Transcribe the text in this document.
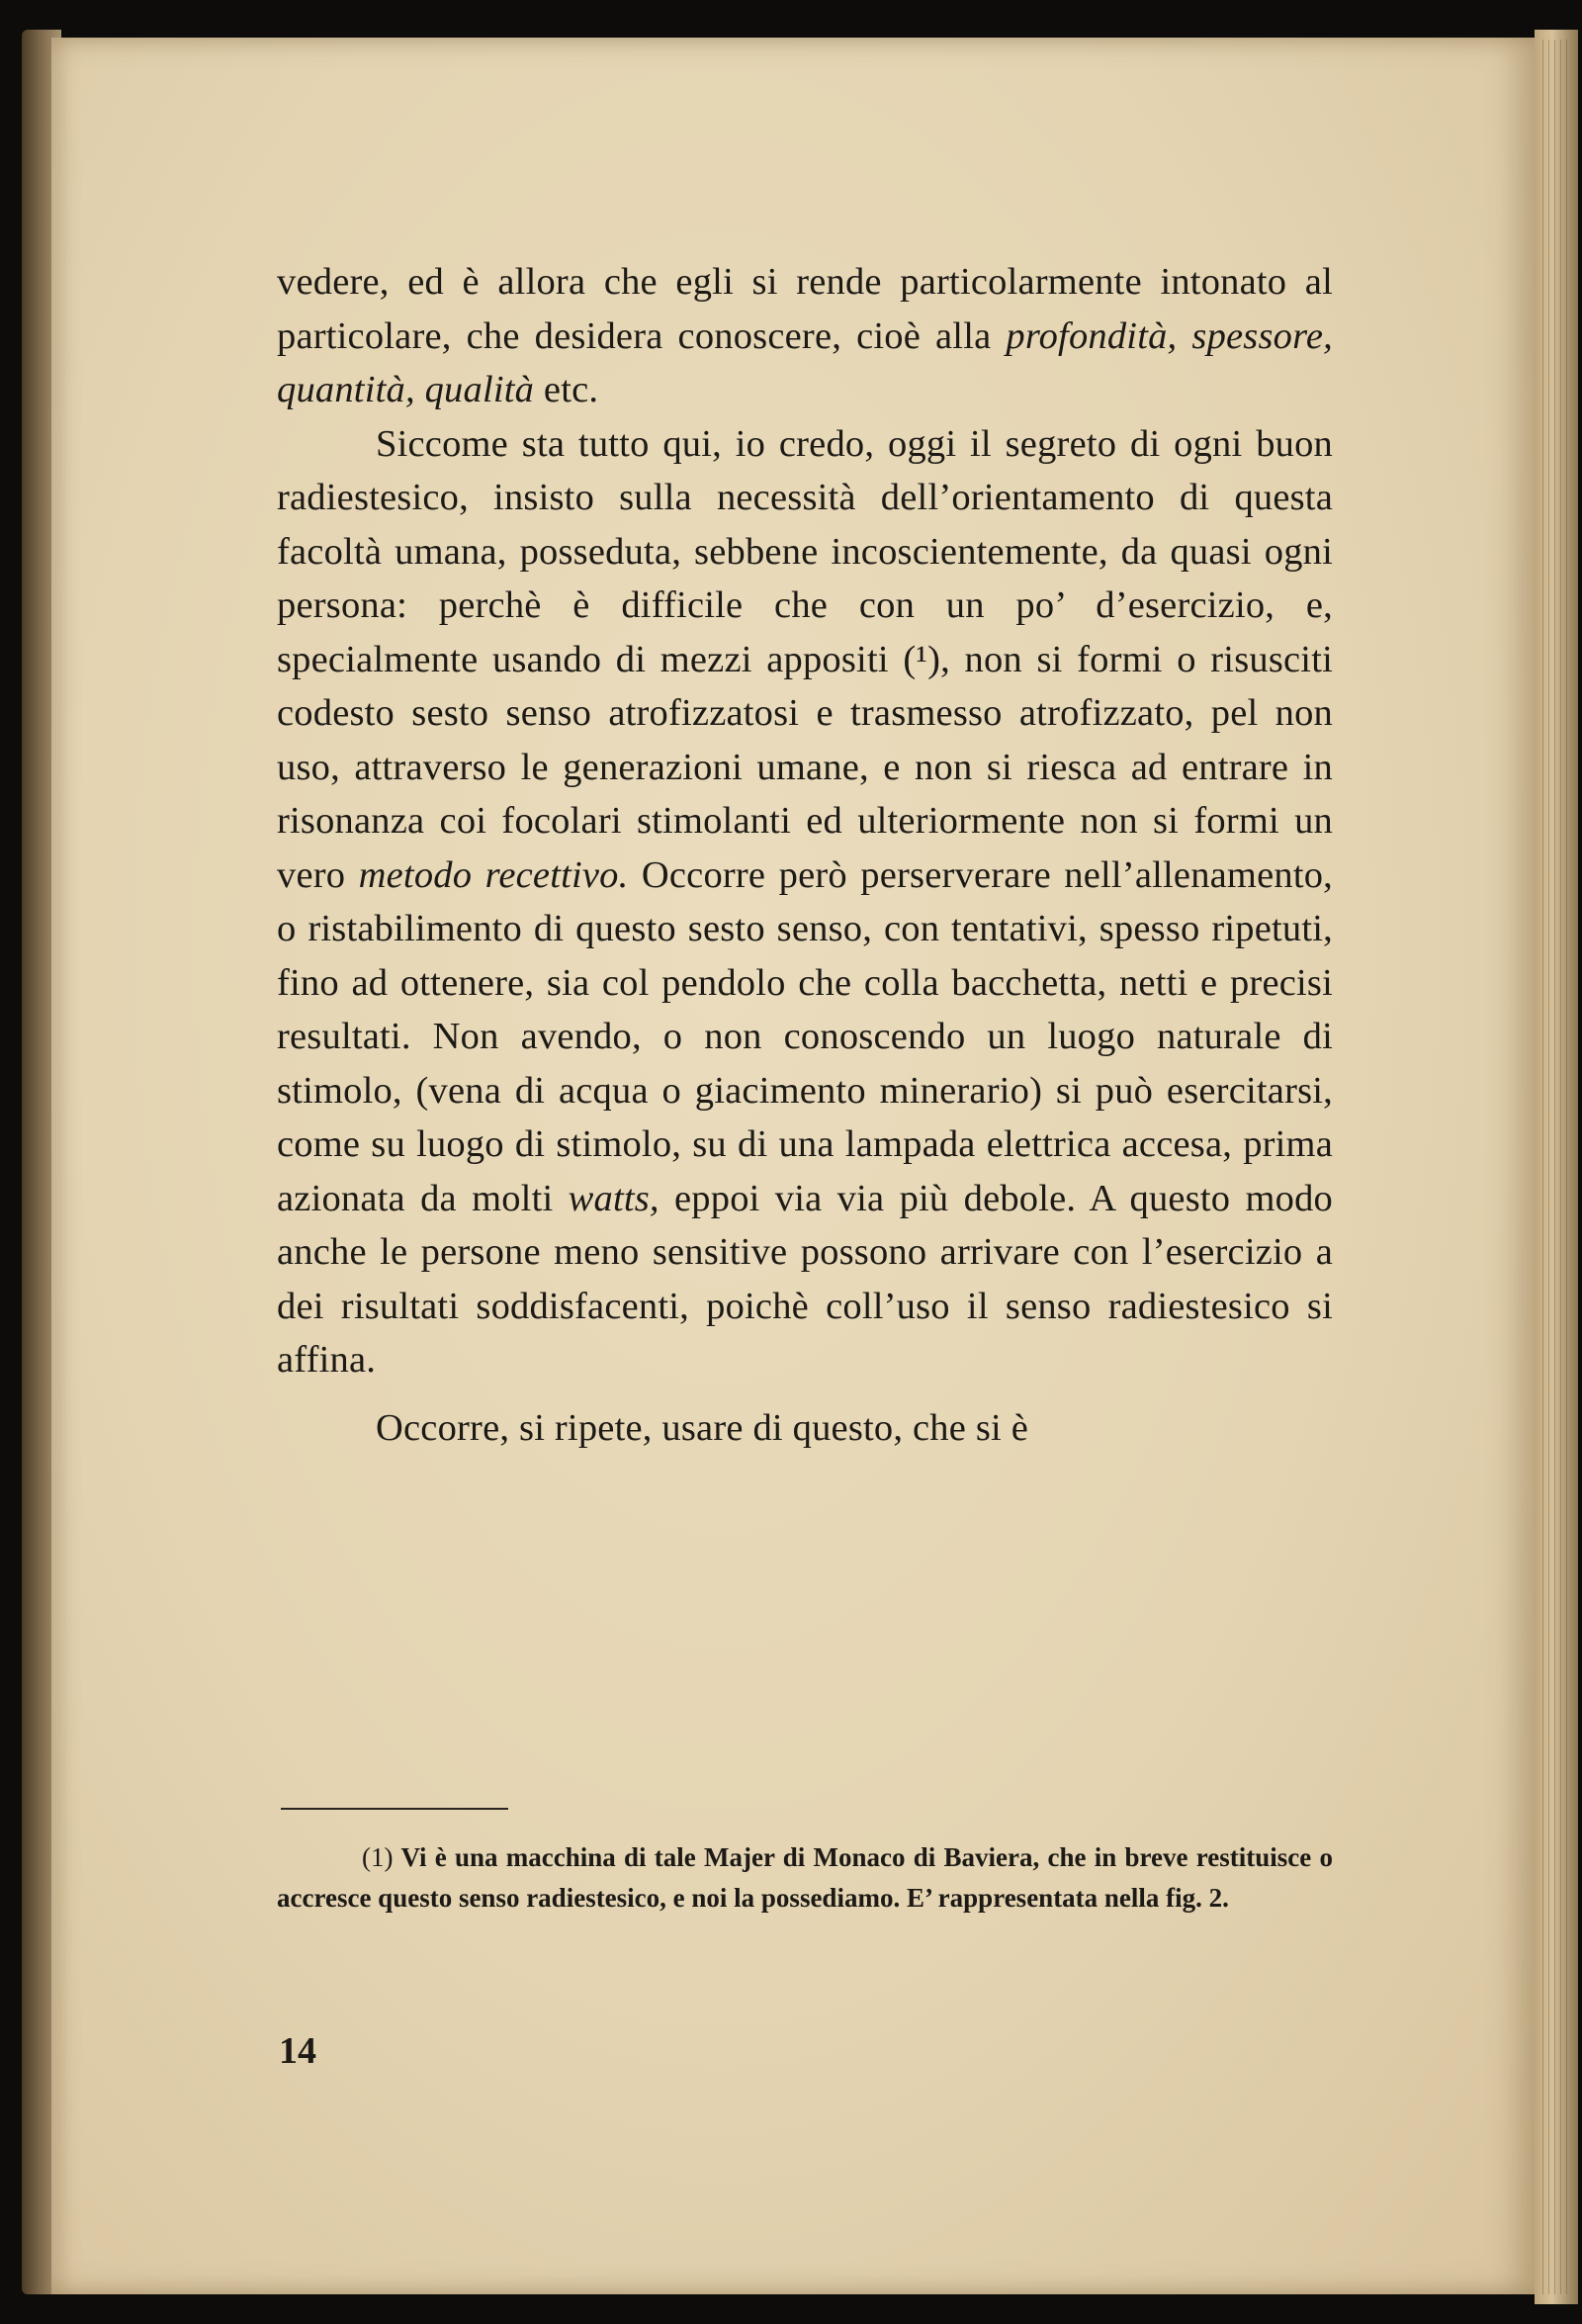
vedere, ed è allora che egli si rende particolarmente intonato al particolare, che desidera conoscere, cioè alla profondità, spessore, quantità, qualità etc.

Siccome sta tutto qui, io credo, oggi il segreto di ogni buon radiestesico, insisto sulla necessità dell’orientamento di questa facoltà umana, posseduta, sebbene incoscientemente, da quasi ogni persona: perchè è difficile che con un po’ d’esercizio, e, specialmente usando di mezzi appositi (¹), non si formi o risusciti codesto sesto senso atrofizzatosi e trasmesso atrofizzato, pel non uso, attraverso le generazioni umane, e non si riesca ad entrare in risonanza coi focolari stimolanti ed ulteriormente non si formi un vero metodo recettivo. Occorre però perserverare nell’allenamento, o ristabilimento di questo sesto senso, con tentativi, spesso ripetuti, fino ad ottenere, sia col pendolo che colla bacchetta, netti e precisi resultati. Non avendo, o non conoscendo un luogo naturale di stimolo, (vena di acqua o giacimento minerario) si può esercitarsi, come su luogo di stimolo, su di una lampada elettrica accesa, prima azionata da molti watts, eppoi via via più debole. A questo modo anche le persone meno sensitive possono arrivare con l’esercizio a dei risultati soddisfacenti, poichè coll’uso il senso radiestesico si affina.

Occorre, si ripete, usare di questo, che si è

(1) Vi è una macchina di tale Majer di Monaco di Baviera, che in breve restituisce o accresce questo senso radiestesico, e noi la possediamo. E’ rappresentata nella fig. 2.
14
